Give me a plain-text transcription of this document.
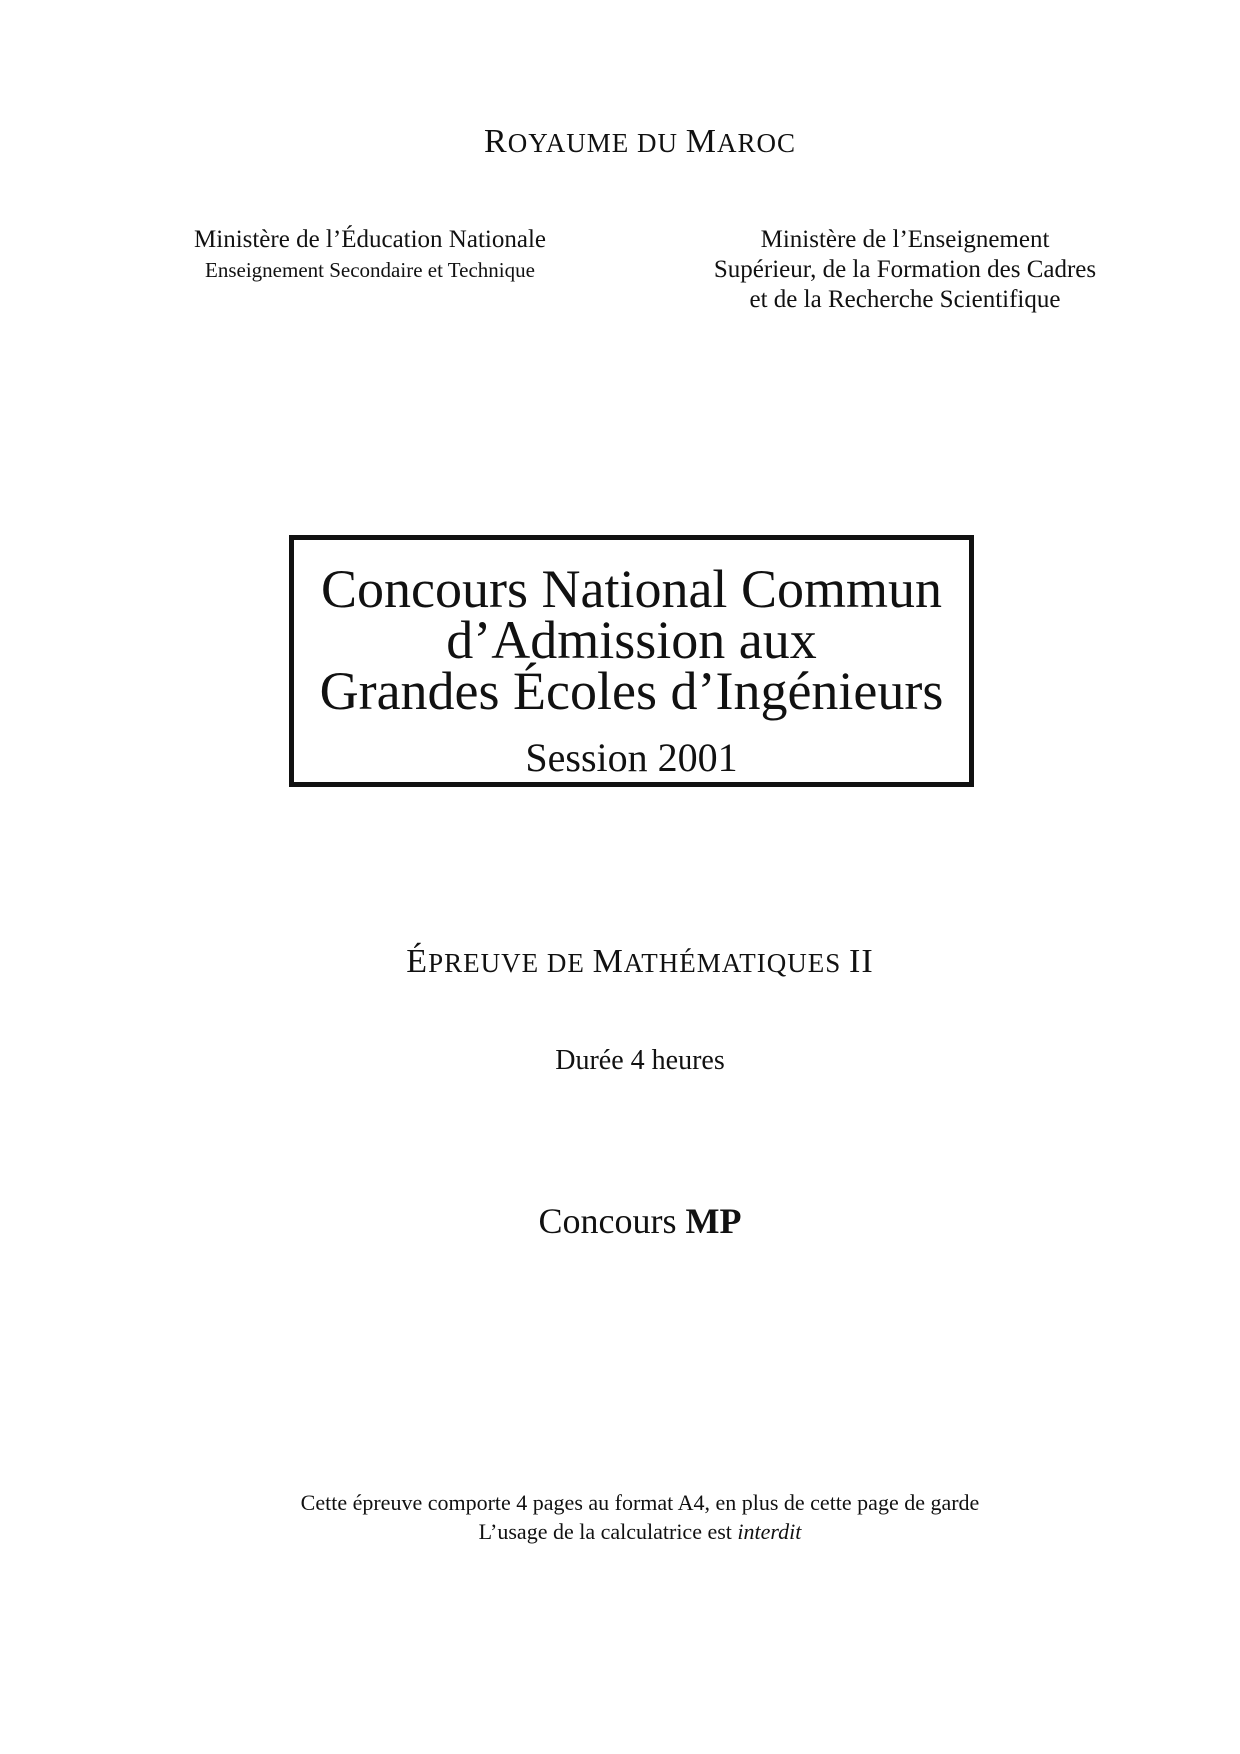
ROYAUME DU MAROC
Ministère de l’Éducation Nationale
Enseignement Secondaire et Technique
Ministère de l’Enseignement
Supérieur, de la Formation des Cadres
et de la Recherche Scientifique
Concours National Commun
d’Admission aux
Grandes Écoles d’Ingénieurs
Session 2001
ÉPREUVE DE MATHÉMATIQUES II
Durée 4 heures
Concours MP
Cette épreuve comporte 4 pages au format A4, en plus de cette page de garde
L’usage de la calculatrice est interdit
